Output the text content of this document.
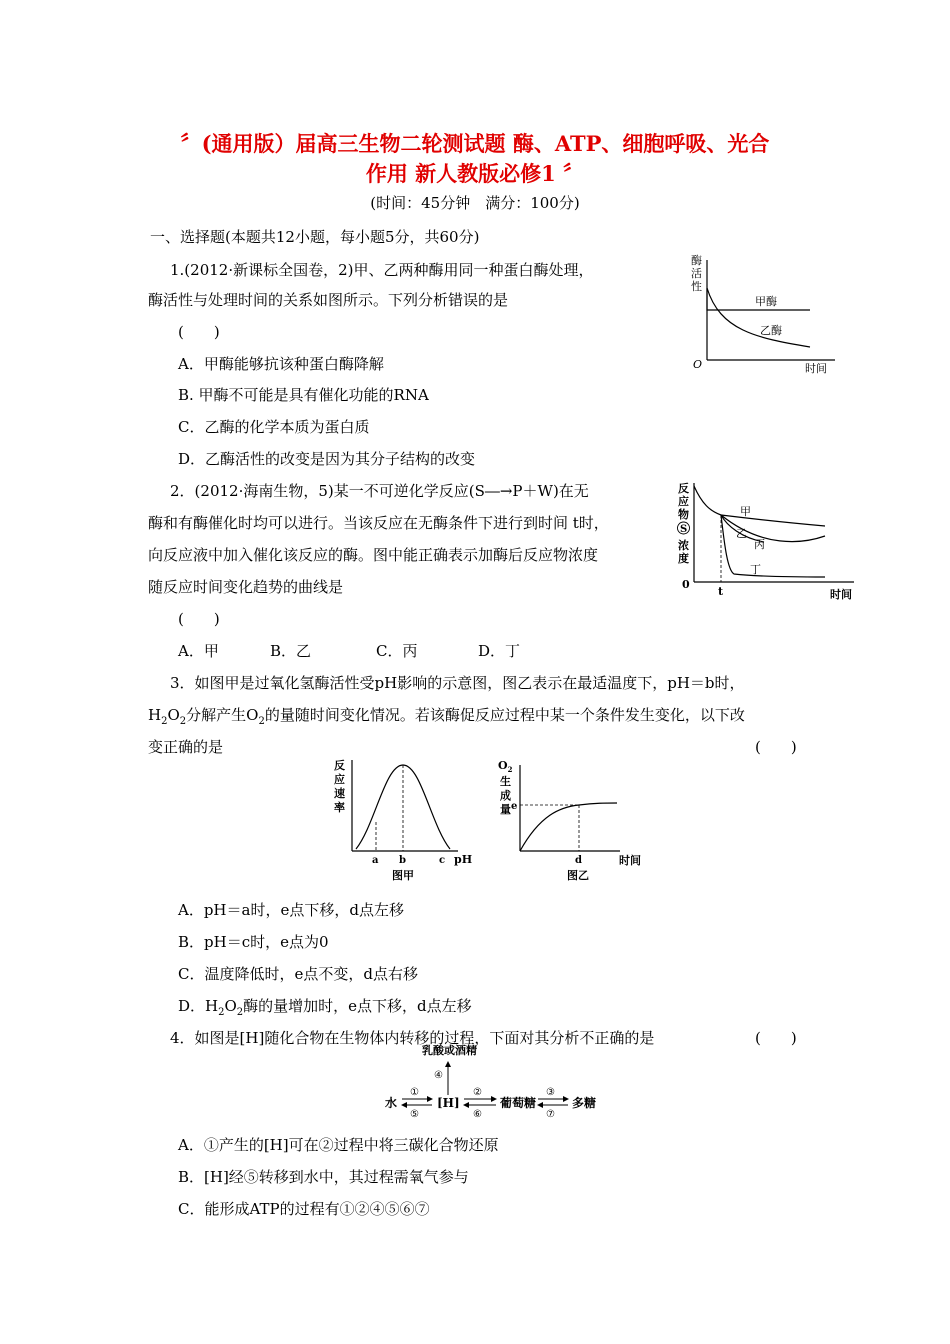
〞(通用版）届高三生物二轮测试题 酶、ATP、细胞呼吸、光合
作用 新人教版必修1 〞
(时间：45分钟　满分：100分)
一、选择题(本题共12小题，每小题5分，共60分)
1.(2012·新课标全国卷，2)甲、乙两种酶用同一种蛋白酶处理，
酶活性与处理时间的关系如图所示。下列分析错误的是
(　　)
A．甲酶能够抗该种蛋白酶降解
B. 甲酶不可能是具有催化功能的RNA
C．乙酶的化学本质为蛋白质
D．乙酶活性的改变是因为其分子结构的改变
酶
活
性
甲酶
乙酶
O	时间
2．(2012·海南生物，5)某一不可逆化学反应(S―→P＋W)在无
酶和有酶催化时均可以进行。当该反应在无酶条件下进行到时间 t时，
向反应液中加入催化该反应的酶。图中能正确表示加酶后反应物浓度
随反应时间变化趋势的曲线是
(　　)
A．甲	B．乙	C．丙	D．丁
反
应
物
S
浓
度
甲
乙
丙
丁
0
t	时间
3．如图甲是过氧化氢酶活性受pH影响的示意图，图乙表示在最适温度下，pH＝b时，
$H_2O_2$分解产生$O_2$的量随时间变化情况。若该酶促反应过程中某一个条件发生变化，以下改
变正确的是	(　　)
反
应
速
率
a b	c pH
图甲
$O_2$
生
成
量 e
d	时间
图乙
A．pH＝a时，e点下移，d点左移
B．pH＝c时，e点为0
C．温度降低时，e点不变，d点右移
D．$H_2O_2$酶的量增加时，e点下移，d点左移
4．如图是[H]随化合物在生物体内转移的过程，下面对其分析不正确的是	(　　)
乳酸或酒精
④
水
①
⑤
[H]
②
⑥
葡萄糖
③
⑦
多糖
A．①产生的[H]可在②过程中将三碳化合物还原
B．[H]经⑤转移到水中，其过程需氧气参与
C．能形成ATP的过程有①②④⑤⑥⑦
